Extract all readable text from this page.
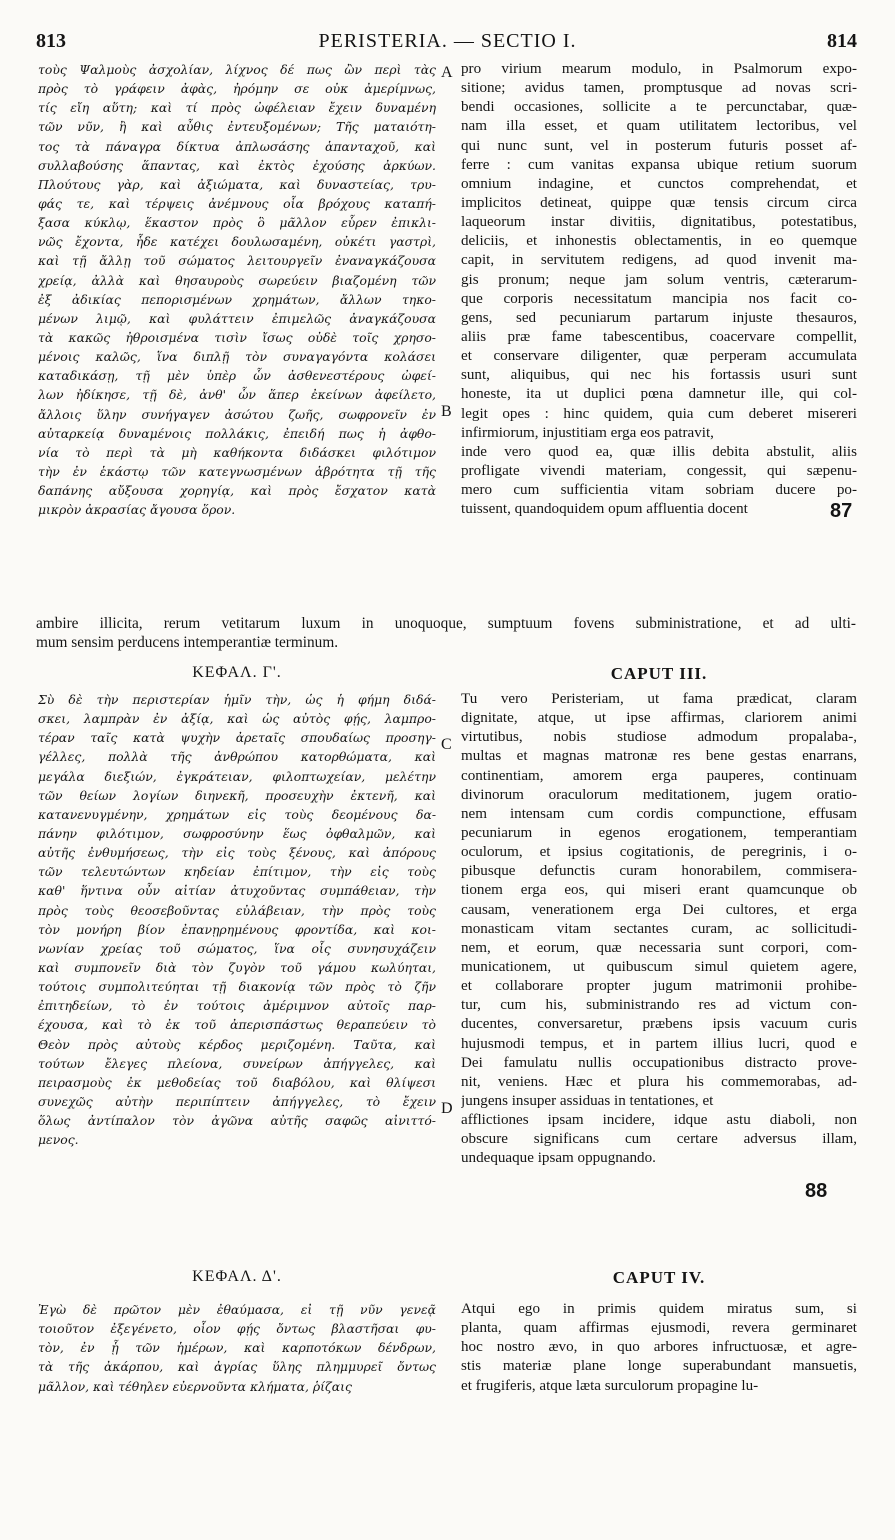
813	PERISTERIA. — SECTIO I.	814
τοὺς Ψαλμοὺς ἀσχολίαν, λίχνος δέ πως ὢν περὶ τὰς
πρὸς τὸ γράφειν ἀφὰς, ἠρόμην σε οὐκ ἀμερίμνως,
τίς εἴη αὕτη; καὶ τί πρὸς ὠφέλειαν ἔχειν δυναμένη
τῶν νῦν, ἢ καὶ αὖθις ἐντευξομένων; Τῆς ματαιότη-
τος τὰ πάναγρα δίκτυα ἀπλωσάσης ἁπανταχοῦ, καὶ
συλλαβούσης ἅπαντας, καὶ ἐκτὸς ἐχούσης ἀρκύων.
Πλούτους γὰρ, καὶ ἀξιώματα, καὶ δυναστείας, τρυ-
φάς τε, καὶ τέρψεις ἀνέμνους οἷα βρόχους καταπή-
ξασα κύκλῳ, ἕκαστον πρὸς ὃ μᾶλλον εὗρεν ἐπικλι-
νῶς ἔχοντα, ἧδε κατέχει δουλωσαμένη, οὐκέτι γαστρὶ,
καὶ τῇ ἄλλῃ τοῦ σώματος λειτουργεῖν ἐναναγκάζουσα
χρείᾳ, ἀλλὰ καὶ θησαυροὺς σωρεύειν βιαζομένη τῶν
ἐξ ἀδικίας πεπορισμένων χρημάτων, ἄλλων τηκο-
μένων λιμῷ, καὶ φυλάττειν ἐπιμελῶς ἀναγκάζουσα
τὰ κακῶς ἠθροισμένα τισὶν ἴσως οὐδὲ τοῖς χρησο-
μένοις καλῶς, ἵνα διπλῇ τὸν συναγαγόντα κολάσει
καταδικάσῃ, τῇ μὲν ὑπὲρ ὧν ἀσθενεστέρους ὠφεί-
λων ἠδίκησε, τῇ δὲ, ἀνθ' ὧν ἅπερ ἐκείνων ἀφείλετο,
ἄλλοις ὕλην συνήγαγεν ἀσώτου ζωῆς, σωφρονεῖν ἐν
αὐταρκείᾳ δυναμένοις πολλάκις, ἐπειδή πως ἡ ἀφθο-
νία τὸ περὶ τὰ μὴ καθήκοντα διδάσκει φιλότιμον
τὴν ἐν ἑκάστῳ τῶν κατεγνωσμένων ἁβρότητα τῇ τῆς
δαπάνης αὔξουσα χορηγίᾳ, καὶ πρὸς ἔσχατον κατὰ
μικρὸν ἀκρασίας ἄγουσα ὅρον.
pro virium mearum modulo, in Psalmorum expo-
sitione; avidus tamen, promptusque ad novas scri-
bendi occasiones, sollicite a te percunctabar, quæ-
nam illa esset, et quam utilitatem lectoribus, vel
qui nunc sunt, vel in posterum futuris posset af-
ferre : cum vanitas expansa ubique retium suorum
omnium indagine, et cunctos comprehendat, et
implicitos detineat, quippe quæ tensis circum circa
laqueorum instar divitiis, dignitatibus, potestatibus,
deliciis, et inhonestis oblectamentis, in eo quemque
capit, in servitutem redigens, ad quod invenit ma-
gis pronum; neque jam solum ventris, cæterarum-
que corporis necessitatum mancipia nos facit co-
gens, sed pecuniarum partarum injuste thesauros,
aliis præ fame tabescentibus, coacervare compellit,
et conservare diligenter, quæ perperam accumulata
sunt, aliquibus, qui nec his fortassis usuri sunt
honeste, ita ut duplici pœna damnetur ille, qui col-
legit opes : hinc quidem, quia cum deberet misereri
infirmiorum, injustitiam erga eos patravit,
inde vero quod ea, quæ illis debita abstulit, aliis
profligate vivendi materiam, congessit, qui sæpenu-
mero cum sufficientia vitam sobriam ducere po-
tuissent, quandoquidem opum affluentia docent
ambire illicita, rerum vetitarum luxum in unoquoque, sumptuum fovens subministratione, et ad ulti-
mum sensim perducens intemperantiæ terminum.
ΚΕΦΑΛ. Γ'.	CAPUT III.
Σὺ δὲ τὴν περιστερίαν ἡμῖν τὴν, ὡς ἡ φήμη διδά-
σκει, λαμπρὰν ἐν ἀξίᾳ, καὶ ὡς αὐτὸς φῄς, λαμπρο-
τέραν ταῖς κατὰ ψυχὴν ἀρεταῖς σπουδαίως προσηγ-
γέλλες, πολλὰ τῆς ἀνθρώπου κατορθώματα, καὶ
μεγάλα διεξιών, ἐγκράτειαν, φιλοπτωχείαν, μελέτην
τῶν θείων λογίων διηνεκῆ, προσευχὴν ἐκτενῆ, καὶ
κατανενυγμένην, χρημάτων εἰς τοὺς δεομένους δα-
πάνην φιλότιμον, σωφροσύνην ἕως ὀφθαλμῶν, καὶ
αὐτῆς ἐνθυμήσεως, τὴν εἰς τοὺς ξένους, καὶ ἀπόρους
τῶν τελευτώντων κηδείαν ἐπίτιμον, τὴν εἰς τοὺς
καθ' ἥντινα οὖν αἰτίαν ἀτυχοῦντας συμπάθειαν, τὴν
πρὸς τοὺς θεοσεβοῦντας εὐλάβειαν, τὴν πρὸς τοὺς
τὸν μονήρη βίον ἐπανῃρημένους φροντίδα, καὶ κοι-
νωνίαν χρείας τοῦ σώματος, ἵνα οἷς συνησυχάζειν
καὶ συμπονεῖν διὰ τὸν ζυγὸν τοῦ γάμου κωλύηται,
τούτοις συμπολιτεύηται τῇ διακονίᾳ τῶν πρὸς τὸ ζῆν
ἐπιτηδείων, τὸ ἐν τούτοις ἀμέριμνον αὐτοῖς παρ-
έχουσα, καὶ τὸ ἐκ τοῦ ἀπερισπάστως θεραπεύειν τὸ
Θεὸν πρὸς αὐτοὺς κέρδος μεριζομένη. Ταῦτα, καὶ
τούτων ἔλεγες πλείονα, συνείρων ἀπήγγελες, καὶ
πειρασμοὺς ἐκ μεθοδείας τοῦ διαβόλου, καὶ θλίψεσι
συνεχῶς αὐτὴν περιπίπτειν ἀπήγγελες, τὸ ἔχειν
ὅλως ἀντίπαλον τὸν ἀγῶνα αὐτῆς σαφῶς αἰνιττό-
μενος.
Tu vero Peristeriam, ut fama prædicat, claram
dignitate, atque, ut ipse affirmas, clariorem animi
virtutibus, nobis studiose admodum propalaba-,
multas et magnas matronæ res bene gestas enarrans,
continentiam, amorem erga pauperes, continuam
divinorum oraculorum meditationem, jugem oratio-
nem intensam cum cordis compunctione, effusam
pecuniarum in egenos erogationem, temperantiam
oculorum, et ipsius cogitationis, de peregrinis, i o-
pibusque defunctis curam honorabilem, commisera-
tionem erga eos, qui miseri erant quamcunque ob
causam, venerationem erga Dei cultores, et erga
monasticam vitam sectantes curam, ac sollicitudi-
nem, et eorum, quæ necessaria sunt corpori, com-
municationem, ut quibuscum simul quietem agere,
et collaborare propter jugum matrimonii prohibe-
tur, cum his, subministrando res ad victum con-
ducentes, conversaretur, præbens ipsis vacuum curis
hujusmodi tempus, et in partem illius lucri, quod e
Dei famulatu nullis occupationibus distracto prove-
nit, veniens. Hæc et plura his commemorabas, ad-
jungens insuper assiduas in tentationes, et
afflictiones ipsam incidere, idque astu diaboli, non
obscure significans cum certare adversus illam,
undequaque ipsam oppugnando.
ΚΕΦΑΛ. Δ'.	CAPUT IV.
Ἐγὼ δὲ πρῶτον μὲν ἐθαύμασα, εἰ τῇ νῦν γενεᾷ
τοιοῦτον ἐξεγένετο, οἷον φῄς ὄντως βλαστῆσαι φυ-
τὸν, ἐν ᾗ τῶν ἡμέρων, καὶ καρποτόκων δένδρων,
τὰ τῆς ἀκάρπου, καὶ ἀγρίας ὕλης πλημμυρεῖ ὄντως
μᾶλλον, καὶ τέθηλεν εὐερνοῦντα κλήματα, ῥίζαις
Atqui ego in primis quidem miratus sum, si
planta, quam affirmas ejusmodi, revera germinaret
hoc nostro ævo, in quo arbores infructuosæ, et agre-
stis materiæ plane longe superabundant mansuetis,
et frugiferis, atque læta surculorum propagine lu-
A
B
C
D
87
88
